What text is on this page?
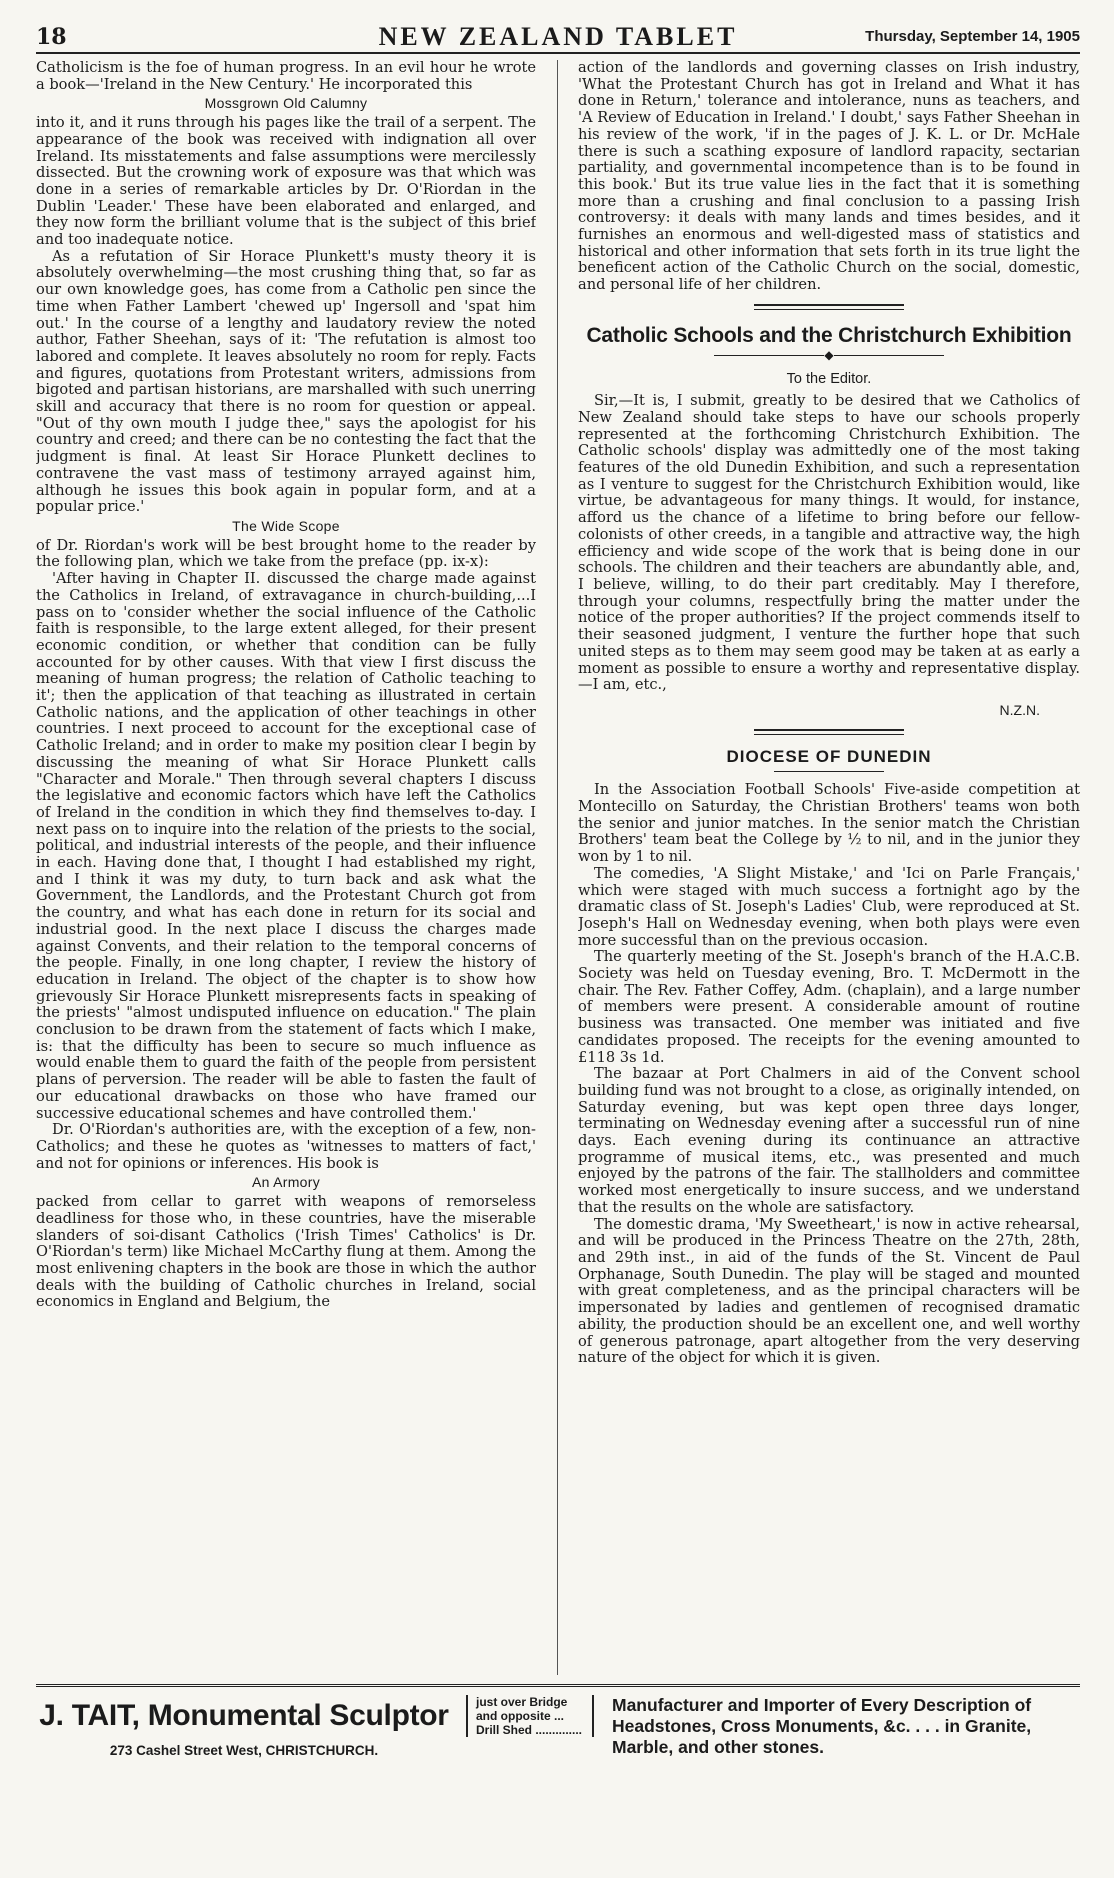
18	NEW ZEALAND TABLET	Thursday, September 14, 1905

Catholicism is the foe of human progress. In an evil hour he wrote a book—'Ireland in the New Century.' He incorporated this

Mossgrown Old Calumny

into it, and it runs through his pages like the trail of a serpent. The appearance of the book was received with indignation all over Ireland. Its misstatements and false assumptions were mercilessly dissected. But the crowning work of exposure was that which was done in a series of remarkable articles by Dr. O'Riordan in the Dublin 'Leader.' These have been elaborated and enlarged, and they now form the brilliant volume that is the subject of this brief and too inadequate notice.

As a refutation of Sir Horace Plunkett's musty theory it is absolutely overwhelming—the most crushing thing that, so far as our own knowledge goes, has come from a Catholic pen since the time when Father Lambert 'chewed up' Ingersoll and 'spat him out.' In the course of a lengthy and laudatory review the noted author, Father Sheehan, says of it: 'The refutation is almost too labored and complete. It leaves absolutely no room for reply. Facts and figures, quotations from Protestant writers, admissions from bigoted and partisan historians, are marshalled with such unerring skill and accuracy that there is no room for question or appeal. "Out of thy own mouth I judge thee," says the apologist for his country and creed; and there can be no contesting the fact that the judgment is final. At least Sir Horace Plunkett declines to contravene the vast mass of testimony arrayed against him, although he issues this book again in popular form, and at a popular price.'

The Wide Scope

of Dr. Riordan's work will be best brought home to the reader by the following plan, which we take from the preface (pp. ix-x):

'After having in Chapter II. discussed the charge made against the Catholics in Ireland, of extravagance in church-building,...I pass on to 'consider whether the social influence of the Catholic faith is responsible, to the large extent alleged, for their present economic condition, or whether that condition can be fully accounted for by other causes. With that view I first discuss the meaning of human progress; the relation of Catholic teaching to it'; then the application of that teaching as illustrated in certain Catholic nations, and the application of other teachings in other countries. I next proceed to account for the exceptional case of Catholic Ireland; and in order to make my position clear I begin by discussing the meaning of what Sir Horace Plunkett calls "Character and Morale." Then through several chapters I discuss the legislative and economic factors which have left the Catholics of Ireland in the condition in which they find themselves to-day. I next pass on to inquire into the relation of the priests to the social, political, and industrial interests of the people, and their influence in each. Having done that, I thought I had established my right, and I think it was my duty, to turn back and ask what the Government, the Landlords, and the Protestant Church got from the country, and what has each done in return for its social and industrial good. In the next place I discuss the charges made against Convents, and their relation to the temporal concerns of the people. Finally, in one long chapter, I review the history of education in Ireland. The object of the chapter is to show how grievously Sir Horace Plunkett misrepresents facts in speaking of the priests' "almost undisputed influence on education." The plain conclusion to be drawn from the statement of facts which I make, is: that the difficulty has been to secure so much influence as would enable them to guard the faith of the people from persistent plans of perversion. The reader will be able to fasten the fault of our educational drawbacks on those who have framed our successive educational schemes and have controlled them.'

Dr. O'Riordan's authorities are, with the exception of a few, non-Catholics; and these he quotes as 'witnesses to matters of fact,' and not for opinions or inferences. His book is

An Armory

packed from cellar to garret with weapons of remorseless deadliness for those who, in these countries, have the miserable slanders of soi-disant Catholics ('Irish Times' Catholics' is Dr. O'Riordan's term) like Michael McCarthy flung at them. Among the most enlivening chapters in the book are those in which the author deals with the building of Catholic churches in Ireland, social economics in England and Belgium, the

action of the landlords and governing classes on Irish industry, 'What the Protestant Church has got in Ireland and What it has done in Return,' tolerance and intolerance, nuns as teachers, and 'A Review of Education in Ireland.' I doubt,' says Father Sheehan in his review of the work, 'if in the pages of J. K. L. or Dr. McHale there is such a scathing exposure of landlord rapacity, sectarian partiality, and governmental incompetence than is to be found in this book.' But its true value lies in the fact that it is something more than a crushing and final conclusion to a passing Irish controversy: it deals with many lands and times besides, and it furnishes an enormous and well-digested mass of statistics and historical and other information that sets forth in its true light the beneficent action of the Catholic Church on the social, domestic, and personal life of her children.

Catholic Schools and the Christchurch Exhibition
◆
To the Editor.

Sir,—It is, I submit, greatly to be desired that we Catholics of New Zealand should take steps to have our schools properly represented at the forthcoming Christchurch Exhibition. The Catholic schools' display was admittedly one of the most taking features of the old Dunedin Exhibition, and such a representation as I venture to suggest for the Christchurch Exhibition would, like virtue, be advantageous for many things. It would, for instance, afford us the chance of a lifetime to bring before our fellow-colonists of other creeds, in a tangible and attractive way, the high efficiency and wide scope of the work that is being done in our schools. The children and their teachers are abundantly able, and, I believe, willing, to do their part creditably. May I therefore, through your columns, respectfully bring the matter under the notice of the proper authorities? If the project commends itself to their seasoned judgment, I venture the further hope that such united steps as to them may seem good may be taken at as early a moment as possible to ensure a worthy and representative display.—I am, etc.,

N.Z.N.
DIOCESE OF DUNEDIN

In the Association Football Schools' Five-aside competition at Montecillo on Saturday, the Christian Brothers' teams won both the senior and junior matches. In the senior match the Christian Brothers' team beat the College by ½ to nil, and in the junior they won by 1 to nil.

The comedies, 'A Slight Mistake,' and 'Ici on Parle Français,' which were staged with much success a fortnight ago by the dramatic class of St. Joseph's Ladies' Club, were reproduced at St. Joseph's Hall on Wednesday evening, when both plays were even more successful than on the previous occasion.

The quarterly meeting of the St. Joseph's branch of the H.A.C.B. Society was held on Tuesday evening, Bro. T. McDermott in the chair. The Rev. Father Coffey, Adm. (chaplain), and a large number of members were present. A considerable amount of routine business was transacted. One member was initiated and five candidates proposed. The receipts for the evening amounted to £118 3s 1d.

The bazaar at Port Chalmers in aid of the Convent school building fund was not brought to a close, as originally intended, on Saturday evening, but was kept open three days longer, terminating on Wednesday evening after a successful run of nine days. Each evening during its continuance an attractive programme of musical items, etc., was presented and much enjoyed by the patrons of the fair. The stallholders and committee worked most energetically to insure success, and we understand that the results on the whole are satisfactory.

The domestic drama, 'My Sweetheart,' is now in active rehearsal, and will be produced in the Princess Theatre on the 27th, 28th, and 29th inst., in aid of the funds of the St. Vincent de Paul Orphanage, South Dunedin. The play will be staged and mounted with great completeness, and as the principal characters will be impersonated by ladies and gentlemen of recognised dramatic ability, the production should be an excellent one, and well worthy of generous patronage, apart altogether from the very deserving nature of the object for which it is given.

J. TAIT, Monumental Sculptor
273 Cashel Street West, CHRISTCHURCH.
just over Bridge and opposite ... Drill Shed ..............
Manufacturer and Importer of Every Description of Headstones, Cross Monuments, &c. . . . in Granite, Marble, and other stones.
